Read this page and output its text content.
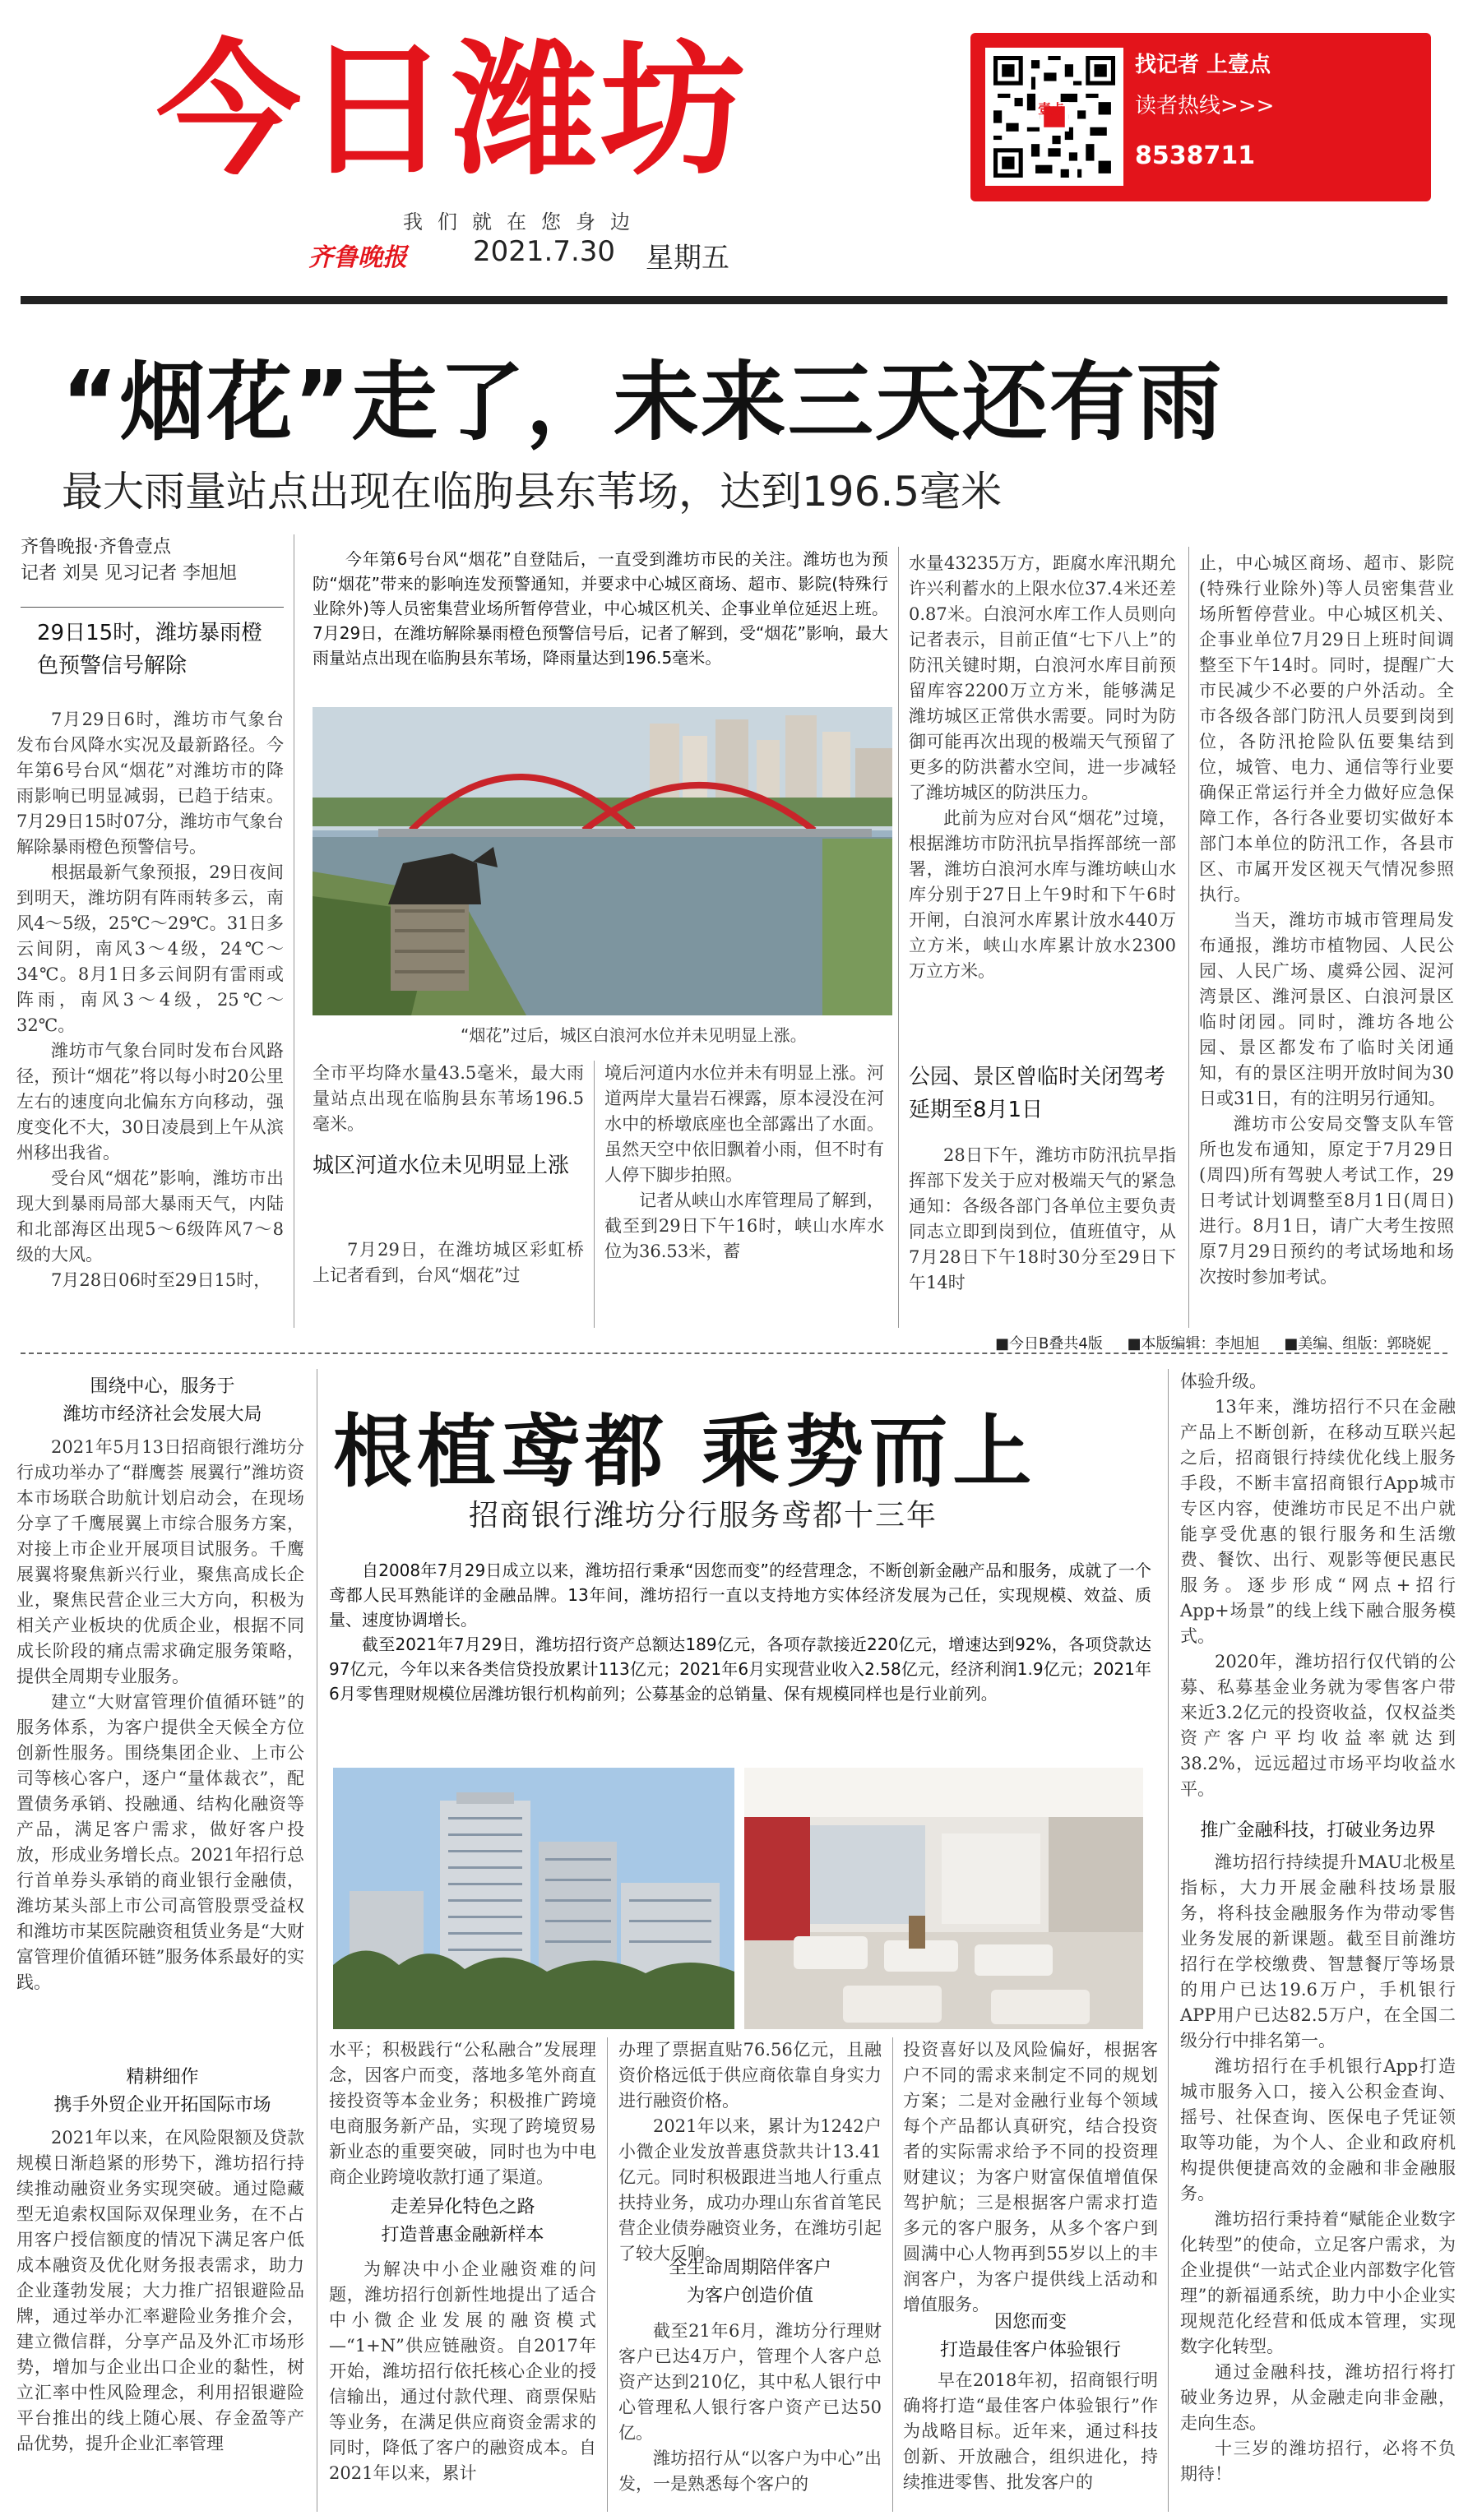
今日潍坊
我们就在您身边
齐鲁晚报 2021.7.30 星期五
壹点
找记者 上壹点
读者热线>>>
8538711
“烟花”走了，未来三天还有雨
最大雨量站点出现在临朐县东苇场，达到196.5毫米
齐鲁晚报·齐鲁壹点
记者 刘昊 见习记者 李旭旭
29日15时，潍坊暴雨橙色预警信号解除

7月29日6时，潍坊市气象台发布台风降水实况及最新路径。今年第6号台风“烟花”对潍坊市的降雨影响已明显减弱，已趋于结束。7月29日15时07分，潍坊市气象台解除暴雨橙色预警信号。

根据最新气象预报，29日夜间到明天，潍坊阴有阵雨转多云，南风4～5级，25℃～29℃。31日多云间阴，南风3～4级，24℃～34℃。8月1日多云间阴有雷雨或阵雨，南风3～4级，25℃～32℃。

潍坊市气象台同时发布台风路径，预计“烟花”将以每小时20公里左右的速度向北偏东方向移动，强度变化不大，30日凌晨到上午从滨州移出我省。

受台风“烟花”影响，潍坊市出现大到暴雨局部大暴雨天气，内陆和北部海区出现5～6级阵风7～8级的大风。

7月28日06时至29日15时，

今年第6号台风“烟花”自登陆后，一直受到潍坊市民的关注。潍坊也为预防“烟花”带来的影响连发预警通知，并要求中心城区商场、超市、影院(特殊行业除外)等人员密集营业场所暂停营业，中心城区机关、企事业单位延迟上班。7月29日，在潍坊解除暴雨橙色预警信号后，记者了解到，受“烟花”影响，最大雨量站点出现在临朐县东苇场，降雨量达到196.5毫米。
“烟花”过后，城区白浪河水位并未见明显上涨。

全市平均降水量43.5毫米，最大雨量站点出现在临朐县东苇场196.5毫米。

城区河道水位未见明显上涨

7月29日，在潍坊城区彩虹桥上记者看到，台风“烟花”过

境后河道内水位并未有明显上涨。河道两岸大量岩石裸露，原本浸没在河水中的桥墩底座也全部露出了水面。虽然天空中依旧飘着小雨，但不时有人停下脚步拍照。

记者从峡山水库管理局了解到，截至到29日下午16时，峡山水库水位为36.53米，蓄

水量43235万方，距腐水库汛期允许兴利蓄水的上限水位37.4米还差0.87米。白浪河水库工作人员则向记者表示，目前正值“七下八上”的防汛关键时期，白浪河水库目前预留库容2200万立方米，能够满足潍坊城区正常供水需要。同时为防御可能再次出现的极端天气预留了更多的防洪蓄水空间，进一步减轻了潍坊城区的防洪压力。

此前为应对台风“烟花”过境，根据潍坊市防汛抗旱指挥部统一部署，潍坊白浪河水库与潍坊峡山水库分别于27日上午9时和下午6时开闸，白浪河水库累计放水440万立方米，峡山水库累计放水2300万立方米。

公园、景区曾临时关闭驾考延期至8月1日

28日下午，潍坊市防汛抗旱指挥部下发关于应对极端天气的紧急通知：各级各部门各单位主要负责同志立即到岗到位，值班值守，从7月28日下午18时30分至29日下午14时

止，中心城区商场、超市、影院(特殊行业除外)等人员密集营业场所暂停营业。中心城区机关、企事业单位7月29日上班时间调整至下午14时。同时，提醒广大市民减少不必要的户外活动。全市各级各部门防汛人员要到岗到位，各防汛抢险队伍要集结到位，城管、电力、通信等行业要确保正常运行并全力做好应急保障工作，各行各业要切实做好本部门本单位的防汛工作，各县市区、市属开发区视天气情况参照执行。

当天，潍坊市城市管理局发布通报，潍坊市植物园、人民公园、人民广场、虞舜公园、浞河湾景区、潍河景区、白浪河景区临时闭园。同时，潍坊各地公园、景区都发布了临时关闭通知，有的景区注明开放时间为30日或31日，有的注明另行通知。

潍坊市公安局交警支队车管所也发布通知，原定于7月29日(周四)所有驾驶人考试工作，29日考试计划调整至8月1日(周日)进行。8月1日，请广大考生按照原7月29日预约的考试场地和场次按时参加考试。

■今日B叠共4版 ■本版编辑：李旭旭 ■美编、组版：郭晓妮
围绕中心，服务于
潍坊市经济社会发展大局

2021年5月13日招商银行潍坊分行成功举办了“群鹰荟 展翼行”潍坊资本市场联合助航计划启动会，在现场分享了千鹰展翼上市综合服务方案，对接上市企业开展项目试服务。千鹰展翼将聚焦新兴行业，聚焦高成长企业，聚焦民营企业三大方向，积极为相关产业板块的优质企业，根据不同成长阶段的痛点需求确定服务策略，提供全周期专业服务。

建立“大财富管理价值循环链”的服务体系，为客户提供全天候全方位创新性服务。围绕集团企业、上市公司等核心客户，逐户“量体裁衣”，配置债务承销、投融通、结构化融资等产品，满足客户需求，做好客户投放，形成业务增长点。2021年招行总行首单券头承销的商业银行金融债，潍坊某头部上市公司高管股票受益权和潍坊市某医院融资租赁业务是“大财富管理价值循环链”服务体系最好的实践。

精耕细作
携手外贸企业开拓国际市场

2021年以来，在风险限额及贷款规模日渐趋紧的形势下，潍坊招行持续推动融资业务实现突破。通过隐藏型无追索权国际双保理业务，在不占用客户授信额度的情况下满足客户低成本融资及优化财务报表需求，助力企业蓬勃发展；大力推广招银避险品牌，通过举办汇率避险业务推介会，建立微信群，分享产品及外汇市场形势，增加与企业出口企业的黏性，树立汇率中性风险理念，利用招银避险平台推出的线上随心展、存金盈等产品优势，提升企业汇率管理

根植鸢都 乘势而上
招商银行潍坊分行服务鸢都十三年

自2008年7月29日成立以来，潍坊招行秉承“因您而变”的经营理念，不断创新金融产品和服务，成就了一个鸢都人民耳熟能详的金融品牌。13年间，潍坊招行一直以支持地方实体经济发展为己任，实现规模、效益、质量、速度协调增长。

截至2021年7月29日，潍坊招行资产总额达189亿元，各项存款接近220亿元，增速达到92%，各项贷款达97亿元，今年以来各类信贷投放累计113亿元；2021年6月实现营业收入2.58亿元，经济利润1.9亿元；2021年6月零售理财规模位居潍坊银行机构前列；公募基金的总销量、保有规模同样也是行业前列。

水平；积极践行“公私融合”发展理念，因客户而变，落地多笔外商直接投资等本金业务；积极推广跨境电商服务新产品，实现了跨境贸易新业态的重要突破，同时也为中电商企业跨境收款打通了渠道。

走差异化特色之路
打造普惠金融新样本

为解决中小企业融资难的问题，潍坊招行创新性地提出了适合中小微企业发展的融资模式—“1+N”供应链融资。自2017年开始，潍坊招行依托核心企业的授信输出，通过付款代理、商票保贴等业务，在满足供应商资金需求的同时，降低了客户的融资成本。自2021年以来，累计

办理了票据直贴76.56亿元，且融资价格远低于供应商依靠自身实力进行融资价格。

2021年以来，累计为1242户小微企业发放普惠贷款共计13.41亿元。同时积极跟进当地人行重点扶持业务，成功办理山东省首笔民营企业债券融资业务，在潍坊引起了较大反响。

全生命周期陪伴客户
为客户创造价值

截至21年6月，潍坊分行理财客户已达4万户，管理个人客户总资产达到210亿，其中私人银行中心管理私人银行客户资产已达50亿。

潍坊招行从“以客户为中心”出发，一是熟悉每个客户的

投资喜好以及风险偏好，根据客户不同的需求来制定不同的规划方案；二是对金融行业每个领域每个产品都认真研究，结合投资者的实际需求给予不同的投资理财建议；为客户财富保值增值保驾护航；三是根据客户需求打造多元的客户服务，从多个客户到圆满中心人物再到55岁以上的丰润客户，为客户提供线上活动和增值服务。

因您而变
打造最佳客户体验银行

早在2018年初，招商银行明确将打造“最佳客户体验银行”作为战略目标。近年来，通过科技创新、开放融合，组织进化，持续推进零售、批发客户的

体验升级。

13年来，潍坊招行不只在金融产品上不断创新，在移动互联兴起之后，招商银行持续优化线上服务手段，不断丰富招商银行App城市专区内容，使潍坊市民足不出户就能享受优惠的银行服务和生活缴费、餐饮、出行、观影等便民惠民服务。逐步形成“网点+招行App+场景”的线上线下融合服务模式。

2020年，潍坊招行仅代销的公募、私募基金业务就为零售客户带来近3.2亿元的投资收益，仅权益类资产客户平均收益率就达到38.2%，远远超过市场平均收益水平。

推广金融科技，打破业务边界

潍坊招行持续提升MAU北极星指标，大力开展金融科技场景服务，将科技金融服务作为带动零售业务发展的新课题。截至目前潍坊招行在学校缴费、智慧餐厅等场景的用户已达19.6万户，手机银行APP用户已达82.5万户，在全国二级分行中排名第一。

潍坊招行在手机银行App打造城市服务入口，接入公积金查询、摇号、社保查询、医保电子凭证领取等功能，为个人、企业和政府机构提供便捷高效的金融和非金融服务。

潍坊招行秉持着“赋能企业数字化转型”的使命，立足客户需求，为企业提供“一站式企业内部数字化管理”的新福通系统，助力中小企业实现规范化经营和低成本管理，实现数字化转型。

通过金融科技，潍坊招行将打破业务边界，从金融走向非金融，走向生态。

十三岁的潍坊招行，必将不负期待！
